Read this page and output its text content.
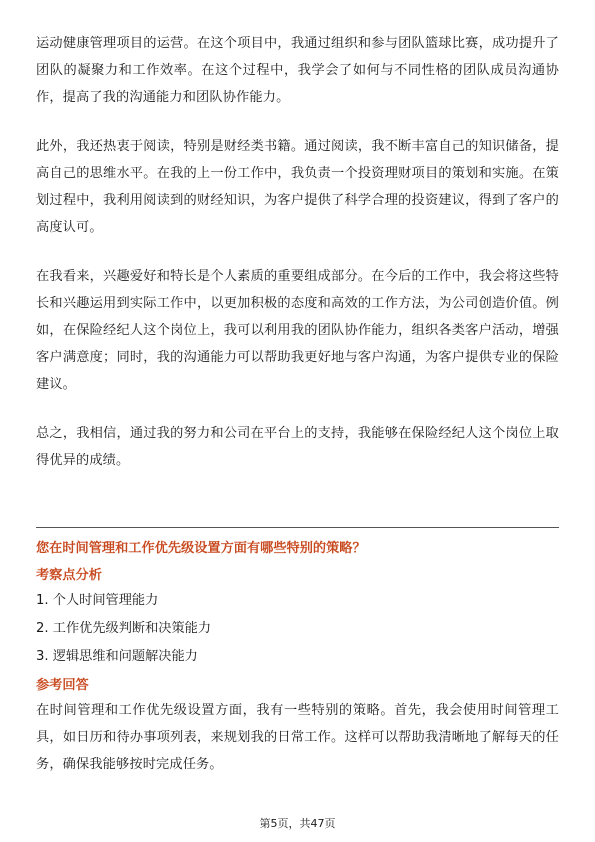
运动健康管理项目的运营。在这个项目中，我通过组织和参与团队篮球比赛，成功提升了团队的凝聚力和工作效率。在这个过程中，我学会了如何与不同性格的团队成员沟通协作，提高了我的沟通能力和团队协作能力。

此外，我还热衷于阅读，特别是财经类书籍。通过阅读，我不断丰富自己的知识储备，提高自己的思维水平。在我的上一份工作中，我负责一个投资理财项目的策划和实施。在策划过程中，我利用阅读到的财经知识，为客户提供了科学合理的投资建议，得到了客户的高度认可。

在我看来，兴趣爱好和特长是个人素质的重要组成部分。在今后的工作中，我会将这些特长和兴趣运用到实际工作中，以更加积极的态度和高效的工作方法，为公司创造价值。例如，在保险经纪人这个岗位上，我可以利用我的团队协作能力，组织各类客户活动，增强客户满意度；同时，我的沟通能力可以帮助我更好地与客户沟通，为客户提供专业的保险建议。

总之，我相信，通过我的努力和公司在平台上的支持，我能够在保险经纪人这个岗位上取得优异的成绩。

您在时间管理和工作优先级设置方面有哪些特别的策略？

考察点分析

1. 个人时间管理能力
2. 工作优先级判断和决策能力
3. 逻辑思维和问题解决能力

参考回答

在时间管理和工作优先级设置方面，我有一些特别的策略。首先，我会使用时间管理工具，如日历和待办事项列表，来规划我的日常工作。这样可以帮助我清晰地了解每天的任务，确保我能够按时完成任务。

第5页，共47页
